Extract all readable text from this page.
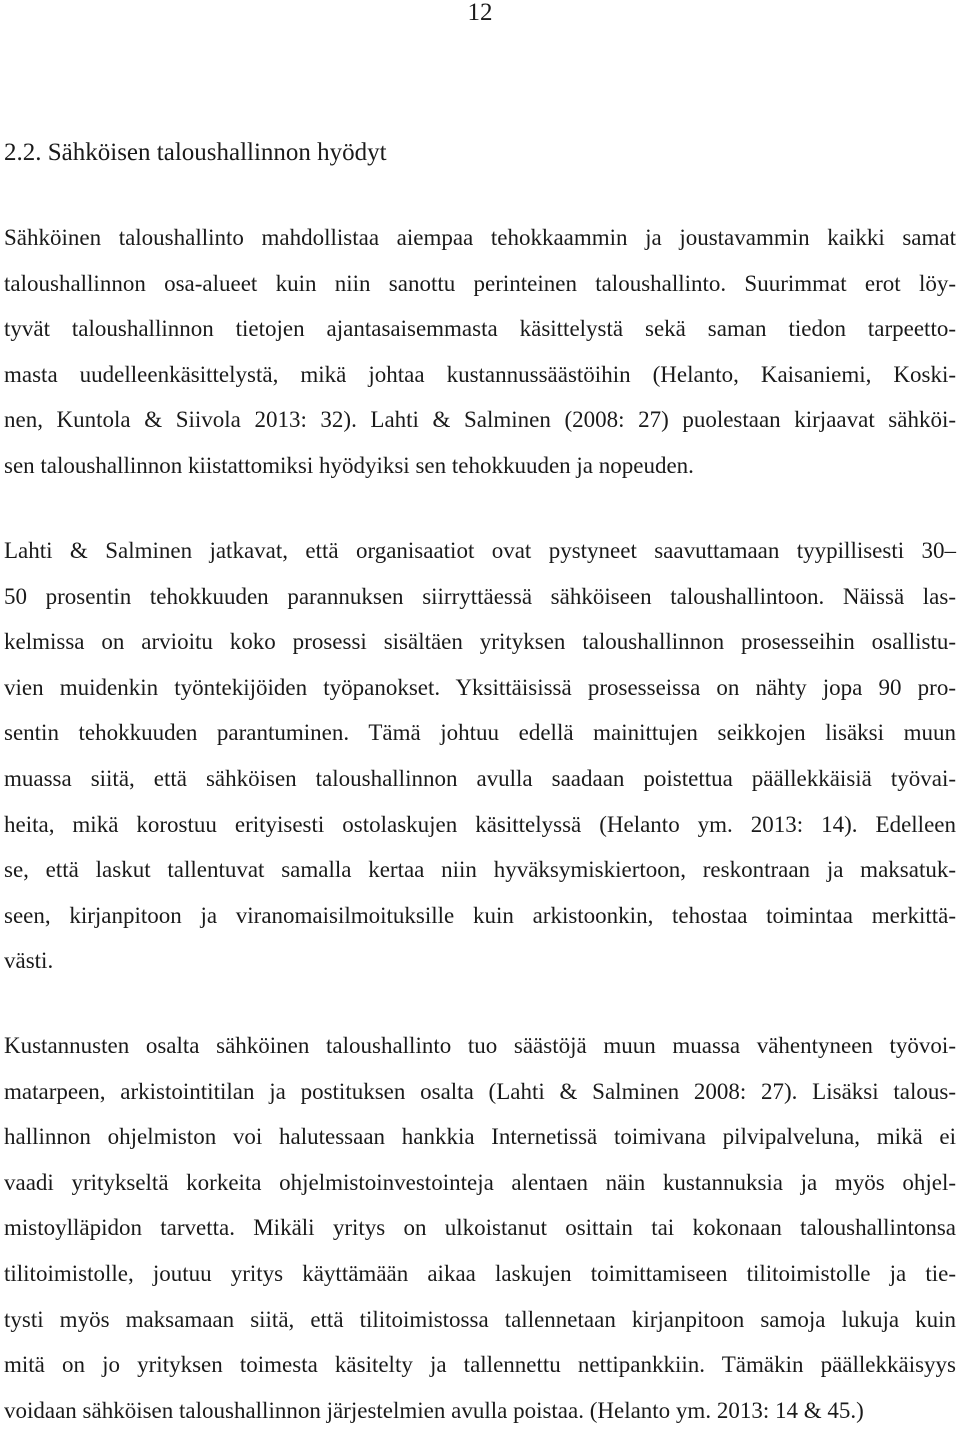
12
2.2. Sähköisen taloushallinnon hyödyt
Sähköinen taloushallinto mahdollistaa aiempaa tehokkaammin ja joustavammin kaikki samat
taloushallinnon osa-alueet kuin niin sanottu perinteinen taloushallinto. Suurimmat erot löy-
tyvät taloushallinnon tietojen ajantasaisemmasta käsittelystä sekä saman tiedon tarpeetto-
masta uudelleenkäsittelystä, mikä johtaa kustannussäästöihin (Helanto, Kaisaniemi, Koski-
nen, Kuntola & Siivola 2013: 32). Lahti & Salminen (2008: 27) puolestaan kirjaavat sähköi-
sen taloushallinnon kiistattomiksi hyödyiksi sen tehokkuuden ja nopeuden.
Lahti & Salminen jatkavat, että organisaatiot ovat pystyneet saavuttamaan tyypillisesti 30–
50 prosentin tehokkuuden parannuksen siirryttäessä sähköiseen taloushallintoon. Näissä las-
kelmissa on arvioitu koko prosessi sisältäen yrityksen taloushallinnon prosesseihin osallistu-
vien muidenkin työntekijöiden työpanokset. Yksittäisissä prosesseissa on nähty jopa 90 pro-
sentin tehokkuuden parantuminen. Tämä johtuu edellä mainittujen seikkojen lisäksi muun
muassa siitä, että sähköisen taloushallinnon avulla saadaan poistettua päällekkäisiä työvai-
heita, mikä korostuu erityisesti ostolaskujen käsittelyssä (Helanto ym. 2013: 14). Edelleen
se, että laskut tallentuvat samalla kertaa niin hyväksymiskiertoon, reskontraan ja maksatuk-
seen, kirjanpitoon ja viranomaisilmoituksille kuin arkistoonkin, tehostaa toimintaa merkittä-
västi.
Kustannusten osalta sähköinen taloushallinto tuo säästöjä muun muassa vähentyneen työvoi-
matarpeen, arkistointitilan ja postituksen osalta (Lahti & Salminen 2008: 27). Lisäksi talous-
hallinnon ohjelmiston voi halutessaan hankkia Internetissä toimivana pilvipalveluna, mikä ei
vaadi yritykseltä korkeita ohjelmistoinvestointeja alentaen näin kustannuksia ja myös ohjel-
mistoylläpidon tarvetta. Mikäli yritys on ulkoistanut osittain tai kokonaan taloushallintonsa
tilitoimistolle, joutuu yritys käyttämään aikaa laskujen toimittamiseen tilitoimistolle ja tie-
tysti myös maksamaan siitä, että tilitoimistossa tallennetaan kirjanpitoon samoja lukuja kuin
mitä on jo yrityksen toimesta käsitelty ja tallennettu nettipankkiin. Tämäkin päällekkäisyys
voidaan sähköisen taloushallinnon järjestelmien avulla poistaa. (Helanto ym. 2013: 14 & 45.)
